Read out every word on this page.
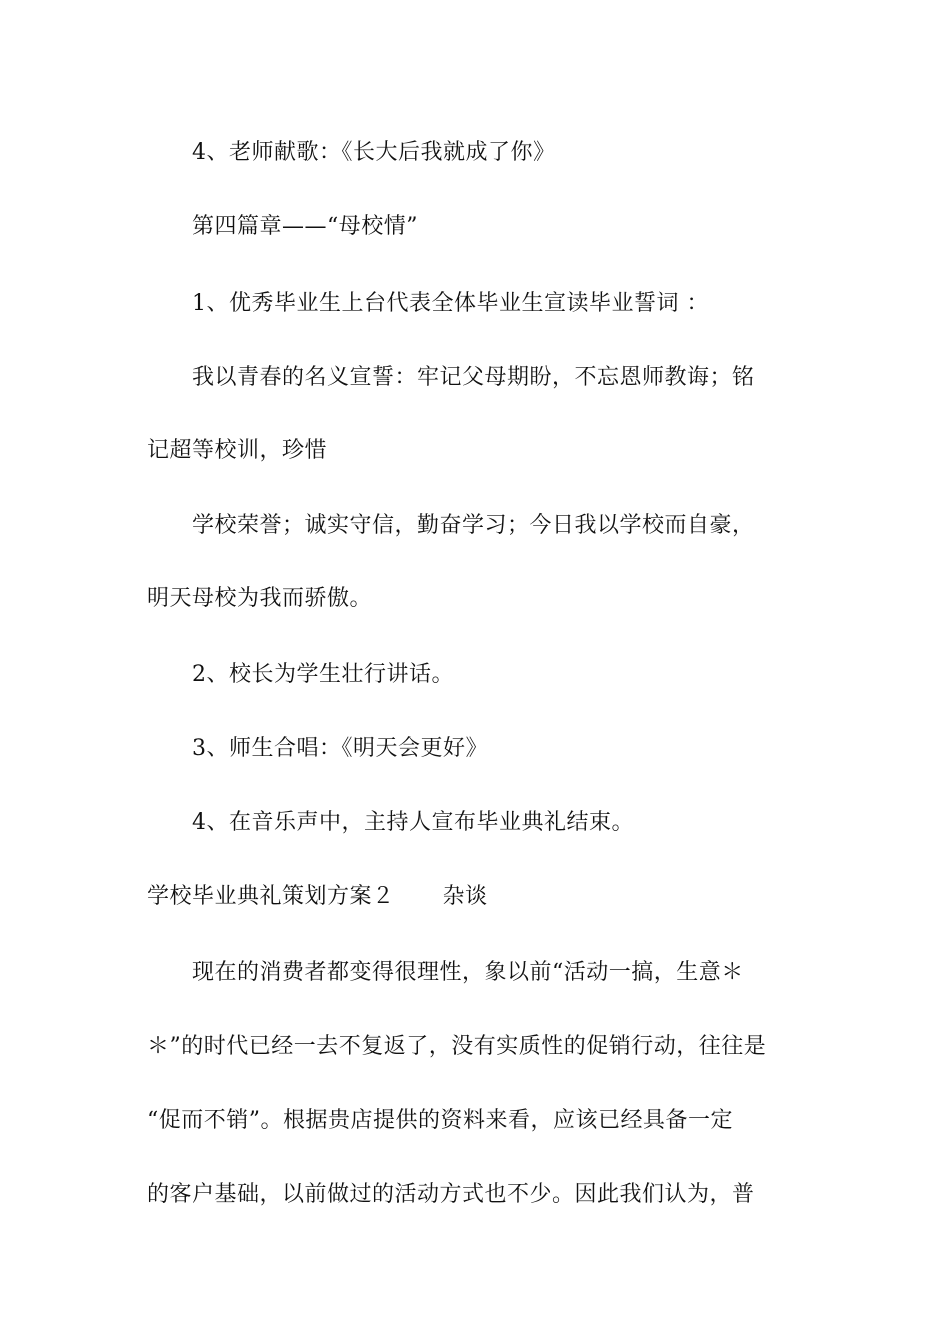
4、老师献歌：《长大后我就成了你》
第四篇章——“母校情”
1、优秀毕业生上台代表全体毕业生宣读毕业誓词 ：
我以青春的名义宣誓：牢记父母期盼，不忘恩师教诲；铭
记超等校训，珍惜
学校荣誉；诚实守信，勤奋学习；今日我以学校而自豪，
明天母校为我而骄傲。
2、校长为学生壮行讲话。
3、师生合唱：《明天会更好》
4、在音乐声中，主持人宣布毕业典礼结束。
学校毕业典礼策划方案２ 杂谈
现在的消费者都变得很理性，象以前“活动一搞，生意＊
＊”的时代已经一去不复返了，没有实质性的促销行动，往往是
“促而不销”。根据贵店提供的资料来看，应该已经具备一定
的客户基础，以前做过的活动方式也不少。因此我们认为，普
